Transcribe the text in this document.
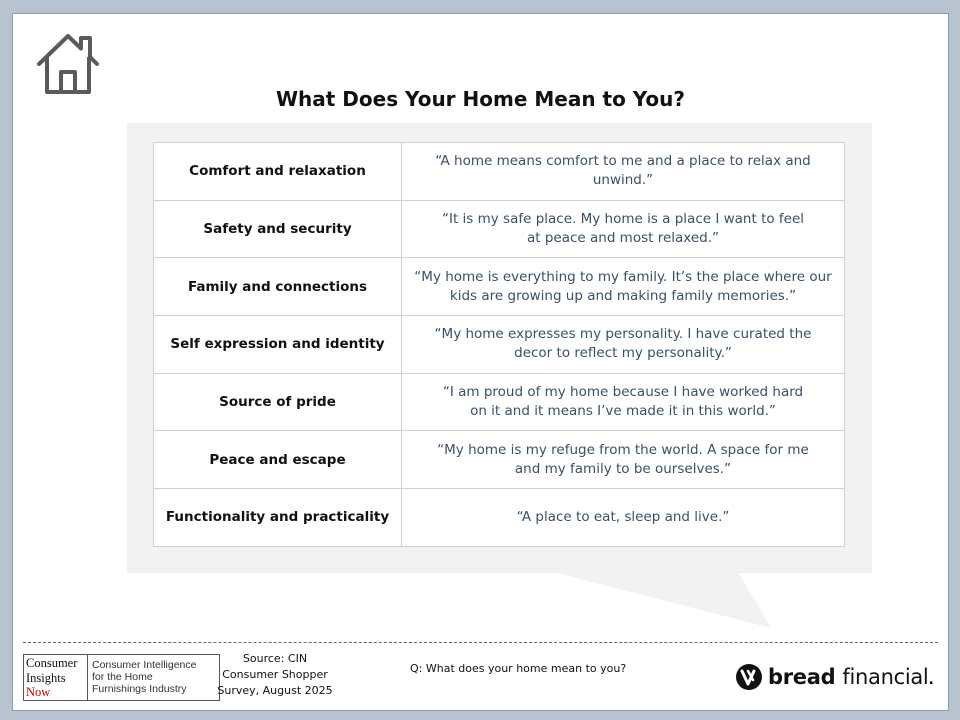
What Does Your Home Mean to You?
Comfort and relaxation	“A home means comfort to me and a place to relax and unwind.”

Safety and security	“It is my safe place. My home is a place I want to feel
at peace and most relaxed.”

Family and connections	“My home is everything to my family. It’s the place where our
kids are growing up and making family memories.”

Self expression and identity	“My home expresses my personality. I have curated the
decor to reflect my personality.”

Source of pride	“I am proud of my home because I have worked hard
on it and it means I’ve made it in this world.”

Peace and escape	“My home is my refuge from the world. A space for me
and my family to be ourselves.”

Functionality and practicality	“A place to eat, sleep and live.”
Consumer
Insights
Now
Consumer Intelligence
for the Home
Furnishings Industry
Source: CIN
Consumer Shopper
Survey, August 2025
Q: What does your home mean to you?	bread financial.
